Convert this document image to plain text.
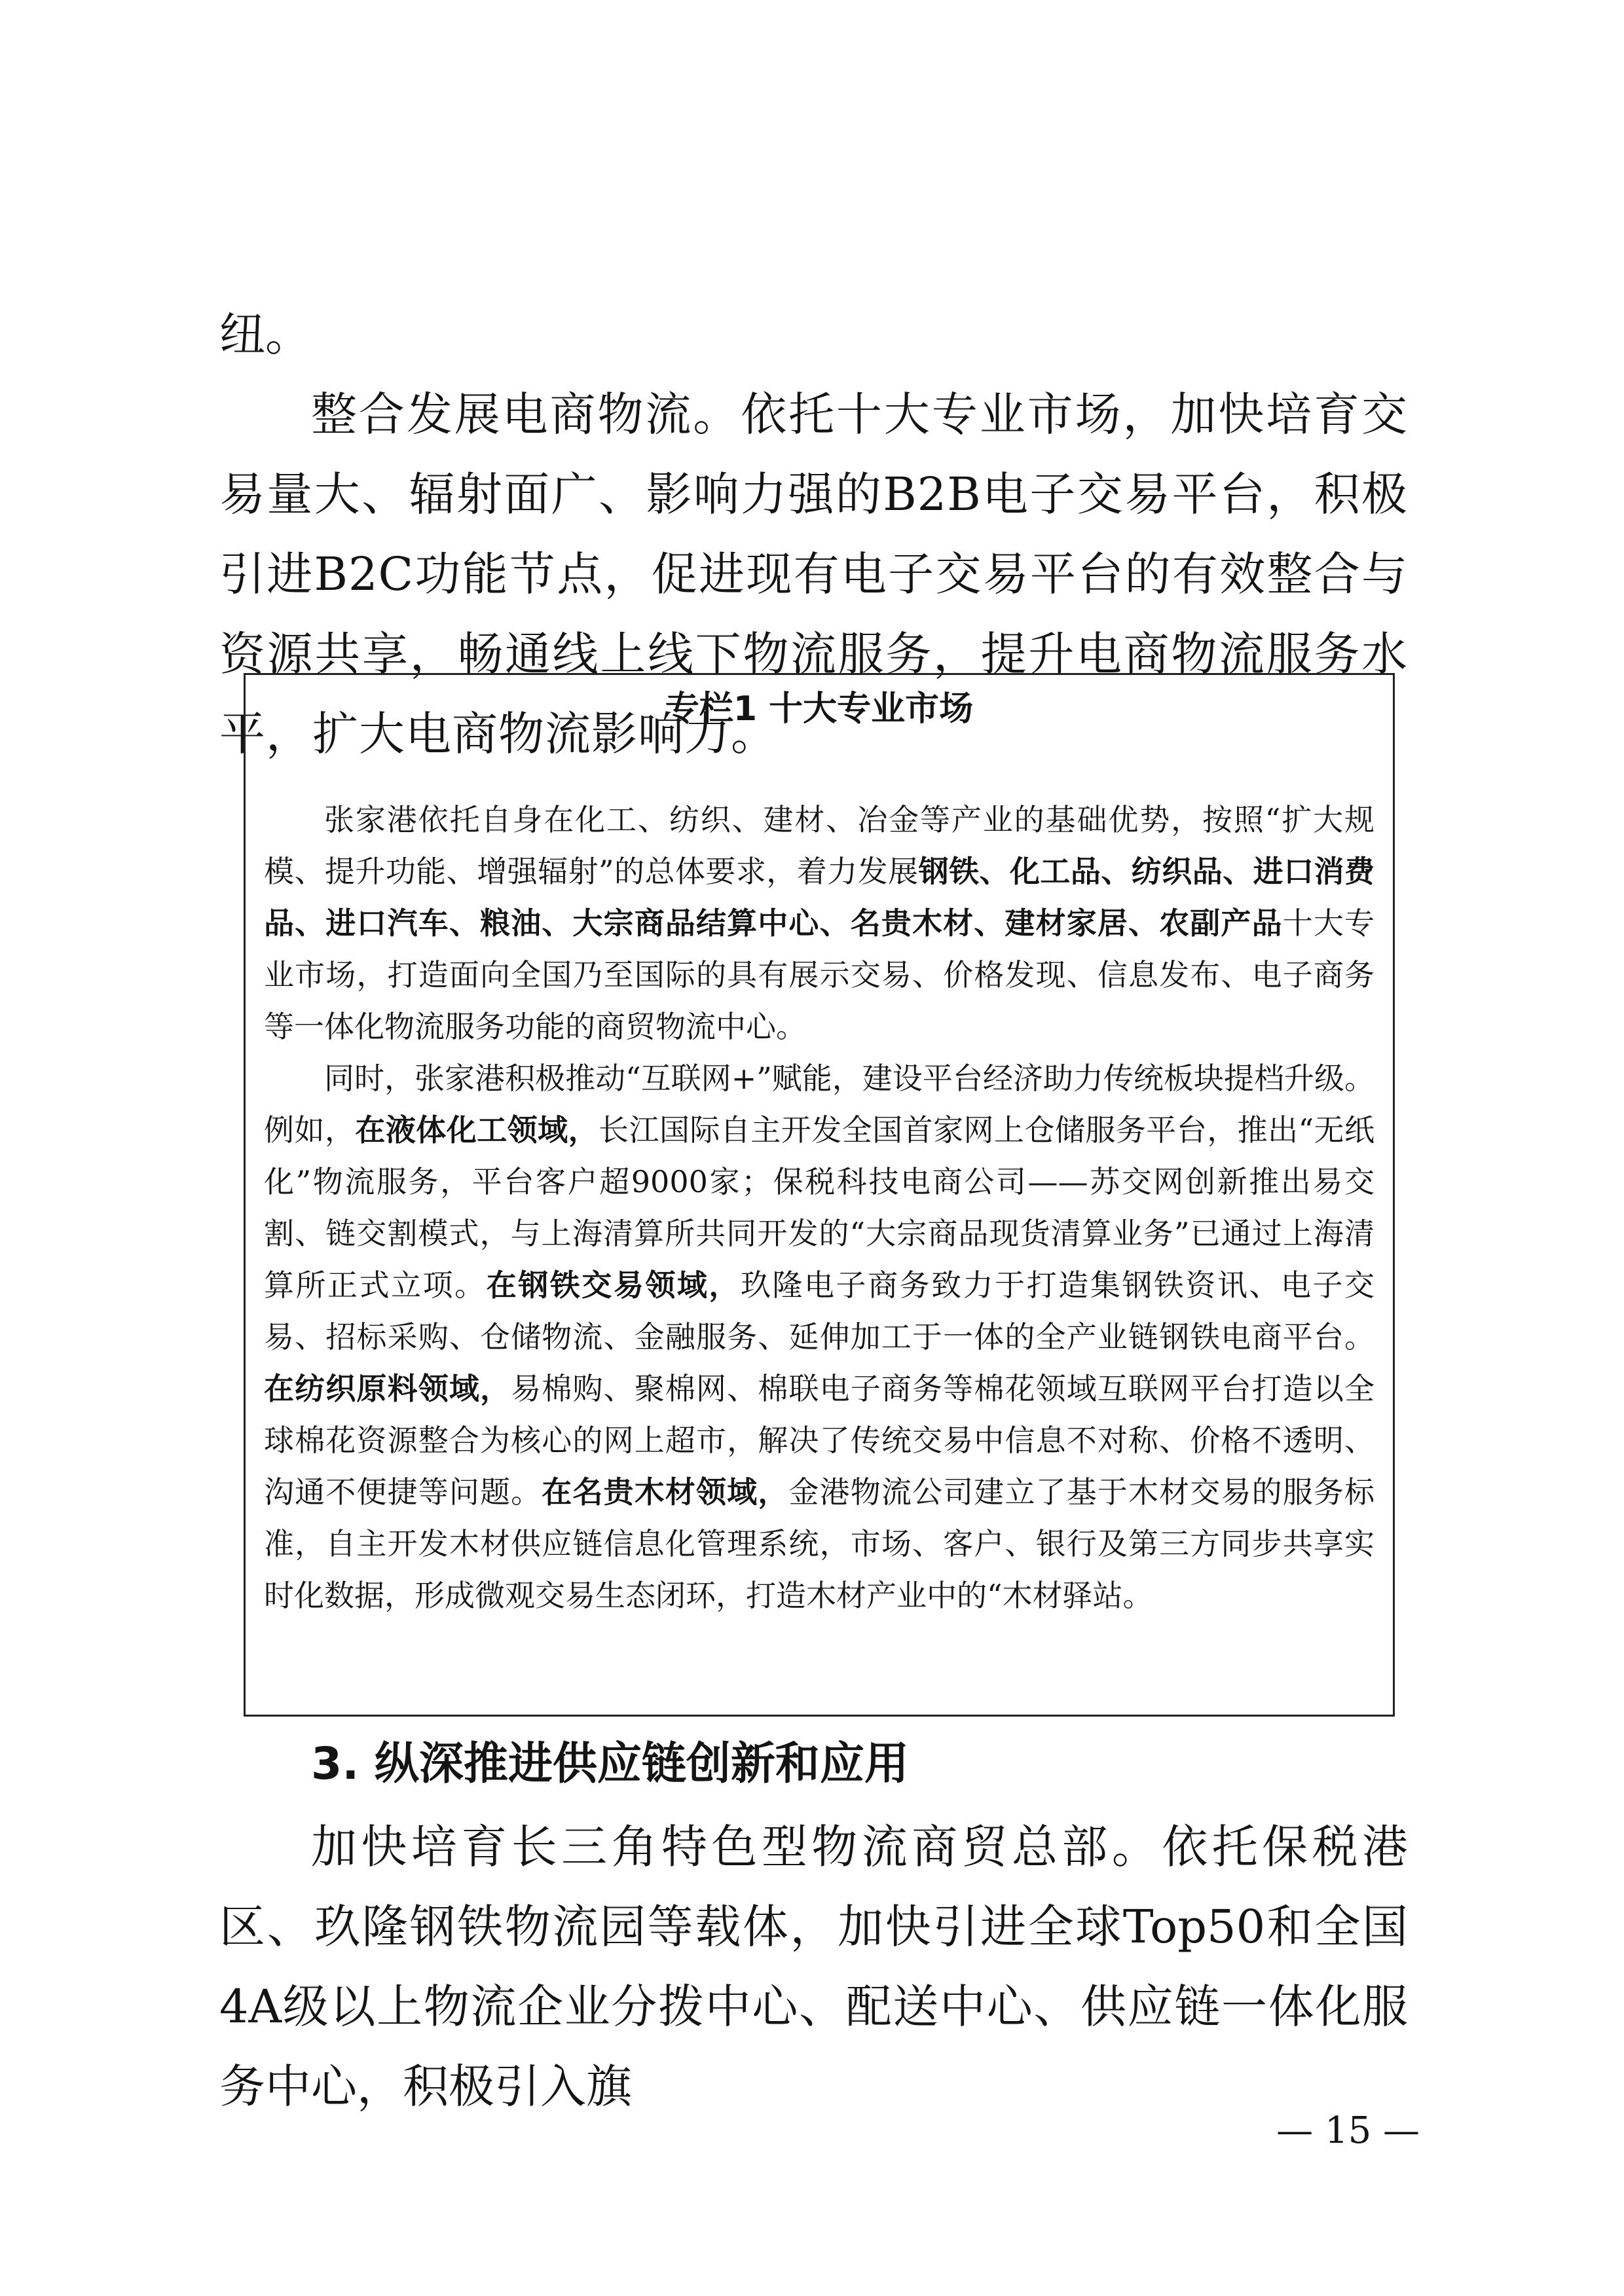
纽。

整合发展电商物流。依托十大专业市场，加快培育交易量大、辐射面广、影响力强的B2B电子交易平台，积极引进B2C功能节点，促进现有电子交易平台的有效整合与资源共享，畅通线上线下物流服务，提升电商物流服务水平，扩大电商物流影响力。

专栏1 十大专业市场

张家港依托自身在化工、纺织、建材、冶金等产业的基础优势，按照“扩大规模、提升功能、增强辐射”的总体要求，着力发展钢铁、化工品、纺织品、进口消费品、进口汽车、粮油、大宗商品结算中心、名贵木材、建材家居、农副产品十大专业市场，打造面向全国乃至国际的具有展示交易、价格发现、信息发布、电子商务等一体化物流服务功能的商贸物流中心。

同时，张家港积极推动“互联网+”赋能，建设平台经济助力传统板块提档升级。例如，在液体化工领域，长江国际自主开发全国首家网上仓储服务平台，推出“无纸化”物流服务，平台客户超9000家；保税科技电商公司——苏交网创新推出易交割、链交割模式，与上海清算所共同开发的“大宗商品现货清算业务”已通过上海清算所正式立项。在钢铁交易领域，玖隆电子商务致力于打造集钢铁资讯、电子交易、招标采购、仓储物流、金融服务、延伸加工于一体的全产业链钢铁电商平台。在纺织原料领域，易棉购、聚棉网、棉联电子商务等棉花领域互联网平台打造以全球棉花资源整合为核心的网上超市，解决了传统交易中信息不对称、价格不透明、沟通不便捷等问题。在名贵木材领域，金港物流公司建立了基于木材交易的服务标准，自主开发木材供应链信息化管理系统，市场、客户、银行及第三方同步共享实时化数据，形成微观交易生态闭环，打造木材产业中的“木材驿站。

3. 纵深推进供应链创新和应用

加快培育长三角特色型物流商贸总部。依托保税港区、玖隆钢铁物流园等载体，加快引进全球Top50和全国4A级以上物流企业分拨中心、配送中心、供应链一体化服务中心，积极引入旗

— 15 —
